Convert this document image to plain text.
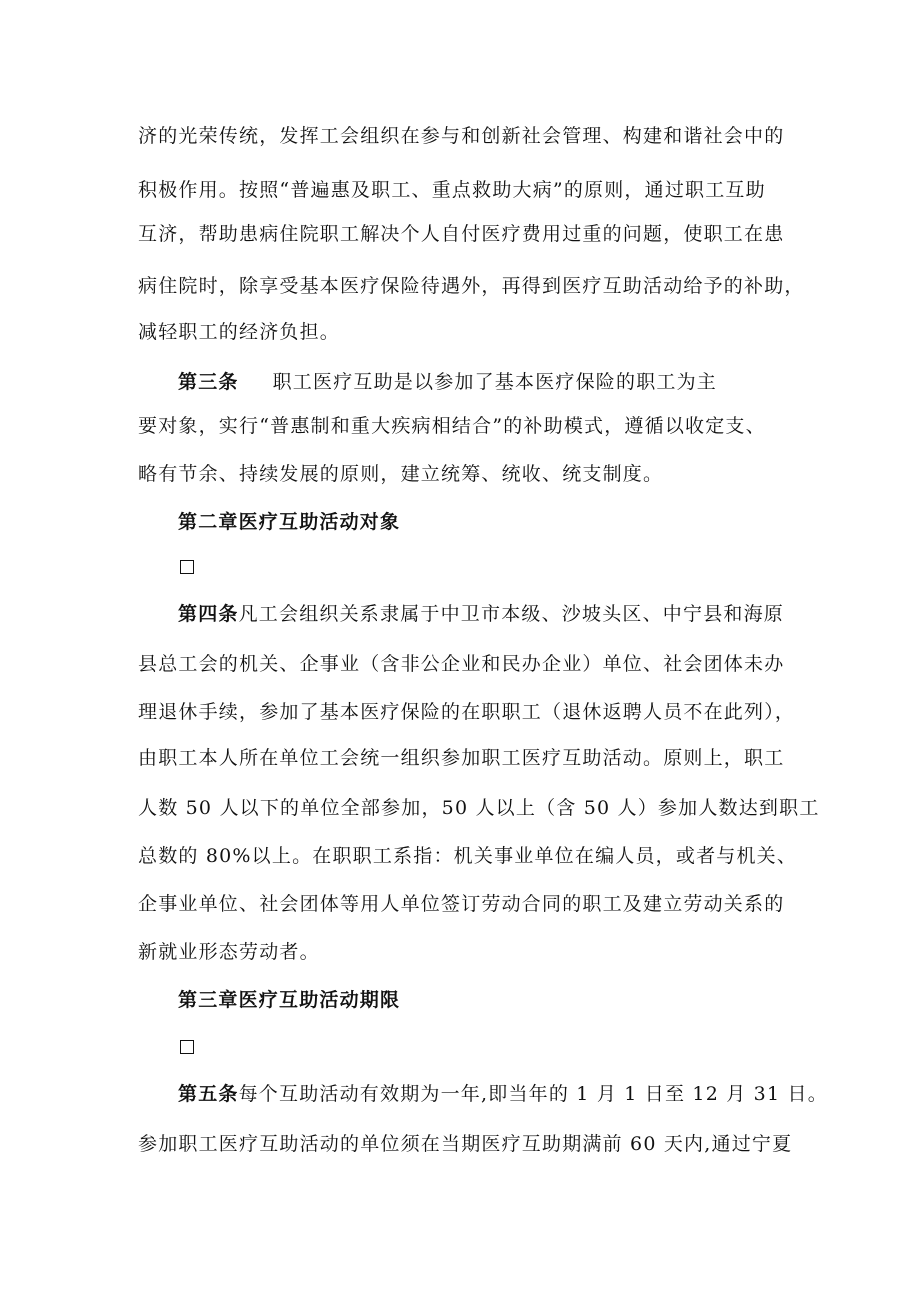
济的光荣传统，发挥工会组织在参与和创新社会管理、构建和谐社会中的
积极作用。按照“普遍惠及职工、重点救助大病”的原则，通过职工互助
互济，帮助患病住院职工解决个人自付医疗费用过重的问题，使职工在患
病住院时，除享受基本医疗保险待遇外，再得到医疗互助活动给予的补助，
减轻职工的经济负担。
第三条 职工医疗互助是以参加了基本医疗保险的职工为主
要对象，实行“普惠制和重大疾病相结合”的补助模式，遵循以收定支、
略有节余、持续发展的原则，建立统筹、统收、统支制度。
第二章医疗互助活动对象
第四条凡工会组织关系隶属于中卫市本级、沙坡头区、中宁县和海原
县总工会的机关、企事业（含非公企业和民办企业）单位、社会团体未办
理退休手续，参加了基本医疗保险的在职职工（退休返聘人员不在此列），
由职工本人所在单位工会统一组织参加职工医疗互助活动。原则上，职工
人数 50 人以下的单位全部参加，50 人以上（含 50 人）参加人数达到职工
总数的 80%以上。在职职工系指：机关事业单位在编人员，或者与机关、
企事业单位、社会团体等用人单位签订劳动合同的职工及建立劳动关系的
新就业形态劳动者。
第三章医疗互助活动期限
第五条每个互助活动有效期为一年,即当年的 1 月 1 日至 12 月 31 日。
参加职工医疗互助活动的单位须在当期医疗互助期满前 60 天内,通过宁夏
